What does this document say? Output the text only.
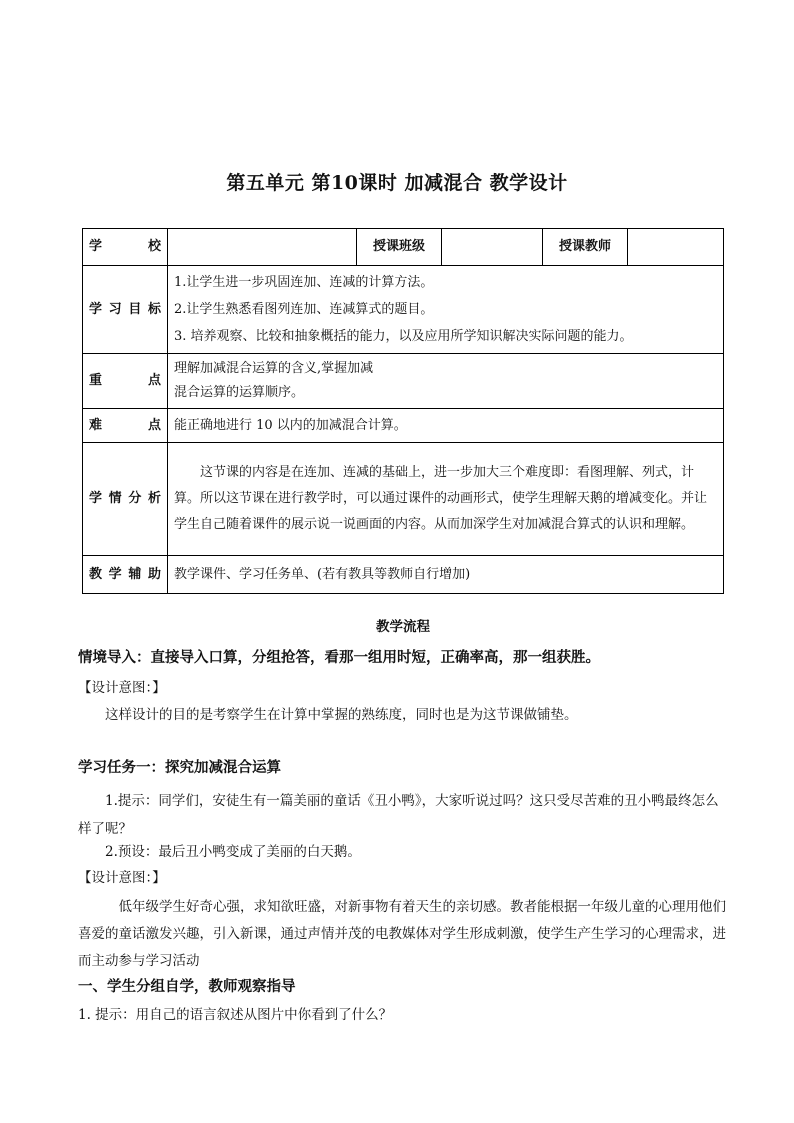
第五单元 第10课时 加减混合 教学设计
学 校		授课班级		授课教师	
学习目标	1.让学生进一步巩固连加、连减的计算方法。
2.让学生熟悉看图列连加、连减算式的题目。
3. 培养观察、比较和抽象概括的能力，以及应用所学知识解决实际问题的能力。				

重 点	理解加减混合运算的含义,掌握加减
混合运算的运算顺序。				

难 点	能正确地进行 10 以内的加减混合计算。				
学情分析	这节课的内容是在连加、连减的基础上，进一步加大三个难度即：看图理解、列式，计算。所以这节课在进行教学时，可以通过课件的动画形式，使学生理解天鹅的增减变化。并让学生自己随着课件的展示说一说画面的内容。从而加深学生对加减混合算式的认识和理解。				
教学辅助	教学课件、学习任务单、(若有教具等教师自行增加)				
教学流程
情境导入：直接导入口算，分组抢答，看那一组用时短，正确率高，那一组获胜。
【设计意图：】
这样设计的目的是考察学生在计算中掌握的熟练度，同时也是为这节课做铺垫。
学习任务一：探究加减混合运算
1.提示：同学们，安徒生有一篇美丽的童话《丑小鸭》，大家听说过吗？这只受尽苦难的丑小鸭最终怎么样了呢？
2.预设：最后丑小鸭变成了美丽的白天鹅。
【设计意图：】
低年级学生好奇心强，求知欲旺盛，对新事物有着天生的亲切感。教者能根据一年级儿童的心理用他们喜爱的童话激发兴趣，引入新课，通过声情并茂的电教媒体对学生形成刺激，使学生产生学习的心理需求，进而主动参与学习活动
一、学生分组自学，教师观察指导
1. 提示：用自己的语言叙述从图片中你看到了什么？
